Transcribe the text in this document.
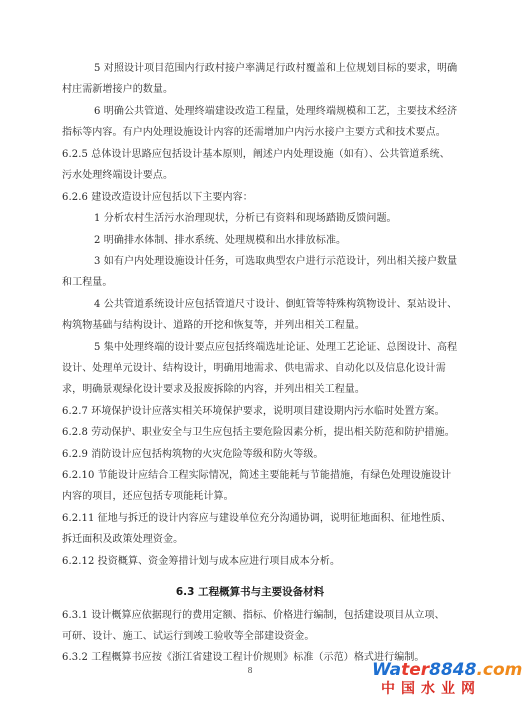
5 对照设计项目范围内行政村接户率满足行政村覆盖和上位规划目标的要求，明确
村庄需新增接户的数量。
6 明确公共管道、处理终端建设改造工程量，处理终端规模和工艺，主要技术经济
指标等内容。有户内处理设施设计内容的还需增加户内污水接户主要方式和技术要点。
6.2.5 总体设计思路应包括设计基本原则，阐述户内处理设施（如有）、公共管道系统、
污水处理终端设计要点。
6.2.6 建设改造设计应包括以下主要内容：
1 分析农村生活污水治理现状，分析已有资料和现场踏勘反馈问题。
2 明确排水体制、排水系统、处理规模和出水排放标准。
3 如有户内处理设施设计任务，可选取典型农户进行示范设计，列出相关接户数量
和工程量。
4 公共管道系统设计应包括管道尺寸设计、倒虹管等特殊构筑物设计、泵站设计、
构筑物基础与结构设计、道路的开挖和恢复等，并列出相关工程量。
5 集中处理终端的设计要点应包括终端选址论证、处理工艺论证、总图设计、高程
设计、处理单元设计、结构设计，明确用地需求、供电需求、自动化以及信息化设计需
求，明确景观绿化设计要求及报废拆除的内容，并列出相关工程量。
6.2.7 环境保护设计应落实相关环境保护要求，说明项目建设期内污水临时处置方案。
6.2.8 劳动保护、职业安全与卫生应包括主要危险因素分析，提出相关防范和防护措施。
6.2.9 消防设计应包括构筑物的火灾危险等级和防火等级。
6.2.10 节能设计应结合工程实际情况，简述主要能耗与节能措施，有绿色处理设施设计
内容的项目，还应包括专项能耗计算。
6.2.11 征地与拆迁的设计内容应与建设单位充分沟通协调，说明征地面积、征地性质、
拆迁面积及政策处理资金。
6.2.12 投资概算、资金筹措计划与成本应进行项目成本分析。
6.3 工程概算书与主要设备材料
6.3.1 设计概算应依据现行的费用定额、指标、价格进行编制，包括建设项目从立项、
可研、设计、施工、试运行到竣工验收等全部建设资金。
6.3.2 工程概算书应按《浙江省建设工程计价规则》标准（示范）格式进行编制。
8	Water8848.com
中国水业网
